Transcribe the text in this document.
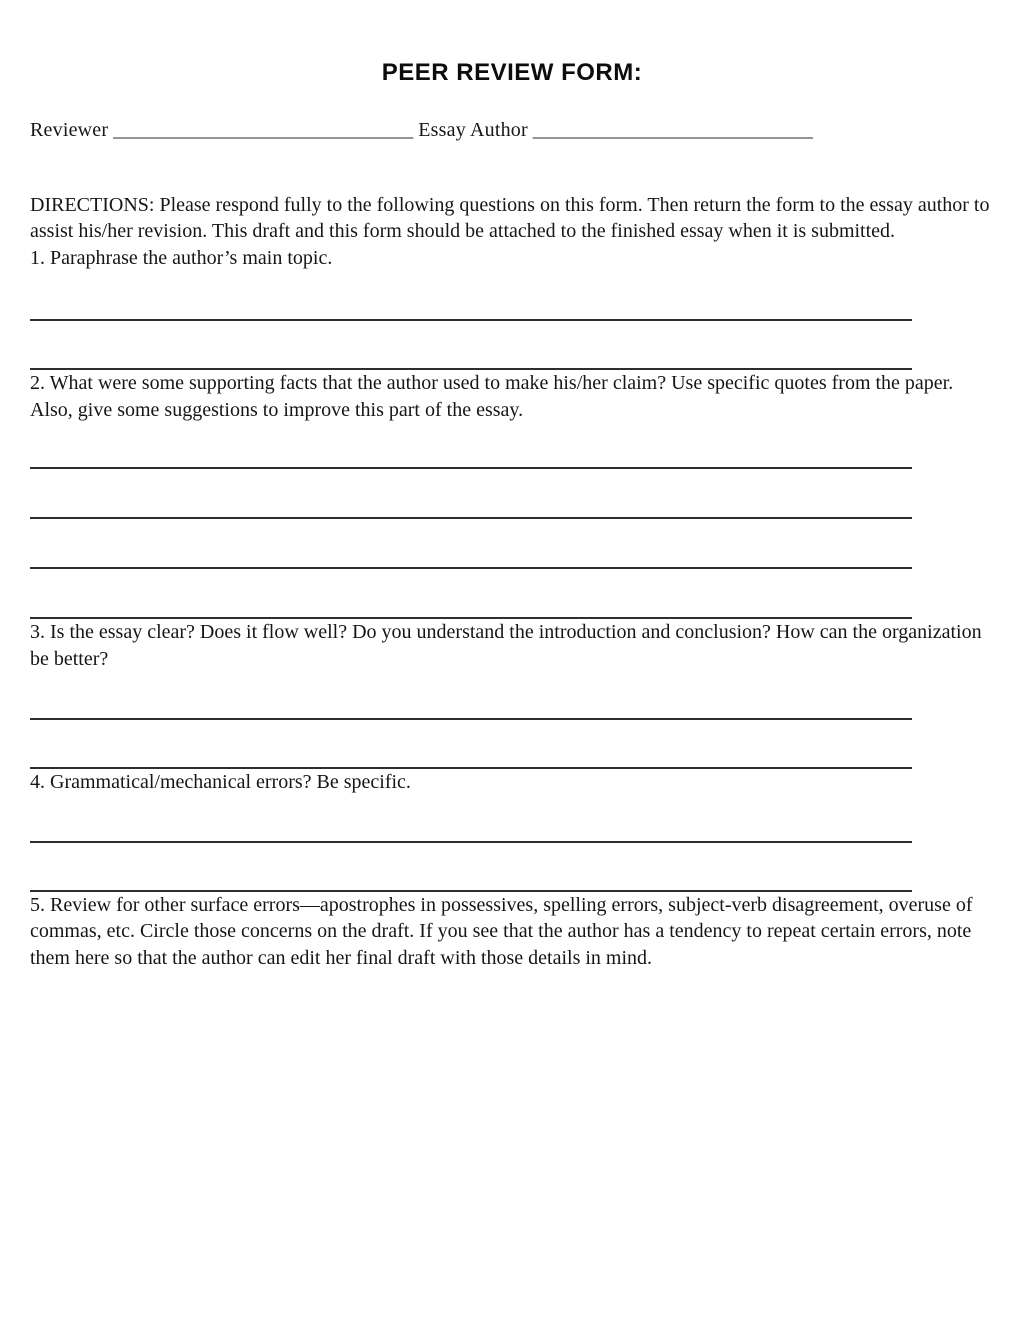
PEER REVIEW FORM:
Reviewer ______________________________ Essay Author ____________________________

DIRECTIONS: Please respond fully to the following questions on this form. Then return the form to the essay author to assist his/her revision. This draft and this form should be attached to the finished essay when it is submitted.

1. Paraphrase the author’s main topic.

2. What were some supporting facts that the author used to make his/her claim? Use specific quotes from the paper. Also, give some suggestions to improve this part of the essay.

3. Is the essay clear? Does it flow well? Do you understand the introduction and conclusion? How can the organization be better?

4. Grammatical/mechanical errors? Be specific.

5. Review for other surface errors—apostrophes in possessives, spelling errors, subject-verb disagreement, overuse of commas, etc. Circle those concerns on the draft. If you see that the author has a tendency to repeat certain errors, note them here so that the author can edit her final draft with those details in mind.
